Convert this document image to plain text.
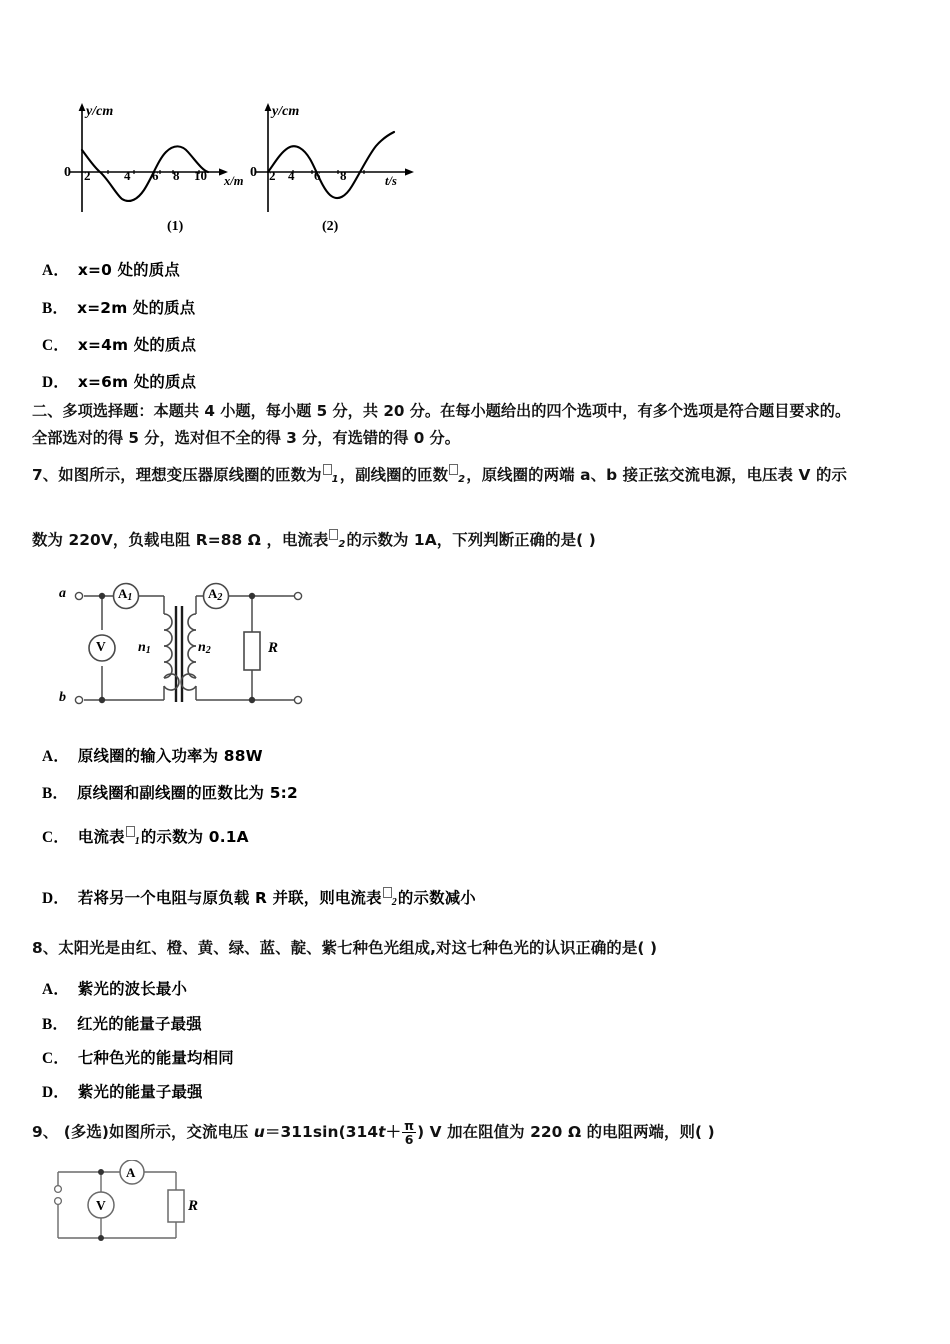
y/cm
0 2	4 6 8 10 x/m
(1)
y/cm
0 2 4 6 8	t/s
(2)
A． x=0 处的质点
B． x=2m 处的质点
C． x=4m 处的质点
D． x=6m 处的质点
二、多项选择题：本题共 4 小题，每小题 5 分，共 20 分。在每小题给出的四个选项中，有多个选项是符合题目要求的。
全部选对的得 5 分，选对但不全的得 3 分，有选错的得 0 分。
7、如图所示，理想变压器原线圈的匝数为 $_1$，副线圈的匝数 $_2$，原线圈的两端 a、b 接正弦交流电源，电压表 V 的示
数为 220V，负载电阻 R=88 Ω ，电流表 $_2$的示数为 1A，下列判断正确的是( )
a
b
$A_1$	$A_2$
V $n_1$	$n_2$	R
A． 原线圈的输入功率为 88W
B． 原线圈和副线圈的匝数比为 5:2
C． 电流表 $_1$的示数为 0.1A
D． 若将另一个电阻与原负载 R 并联，则电流表 $_2$的示数减小
8、太阳光是由红、橙、黄、绿、蓝、靛、紫七种色光组成,对这七种色光的认识正确的是( )
A． 紫光的波长最小
B． 红光的能量子最强
C． 七种色光的能量均相同
D． 紫光的能量子最强
9、 (多选)如图所示，交流电压 $u=311\sin(314t+ \frac{\pi}{6}$ ) V 加在阻值为 220 Ω 的电阻两端，则( )
A
V	R
